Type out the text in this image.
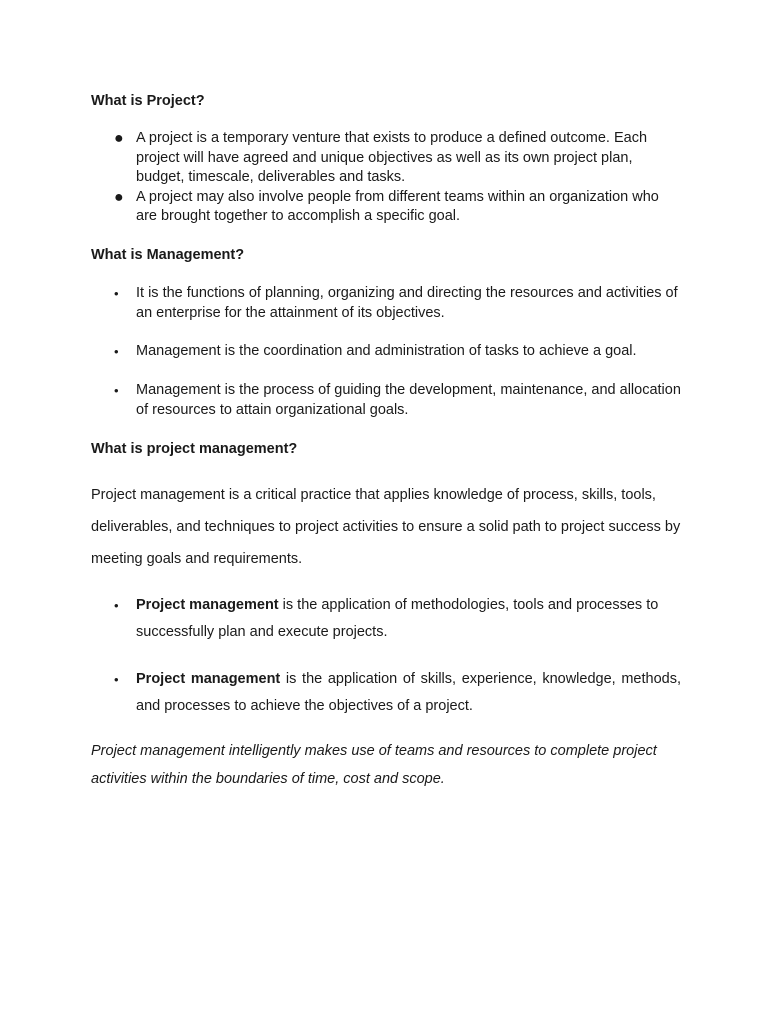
What is Project?
● A project is a temporary venture that exists to produce a defined outcome. Each project will have agreed and unique objectives as well as its own project plan, budget, timescale, deliverables and tasks.
● A project may also involve people from different teams within an organization who are brought together to accomplish a specific goal.
What is Management?
• It is the functions of planning, organizing and directing the resources and activities of an enterprise for the attainment of its objectives.
• Management is the coordination and administration of tasks to achieve a goal.
• Management is the process of guiding the development, maintenance, and allocation of resources to attain organizational goals.
What is project management?
Project management is a critical practice that applies knowledge of process, skills, tools, deliverables, and techniques to project activities to ensure a solid path to project success by meeting goals and requirements.
• Project management is the application of methodologies, tools and processes to successfully plan and execute projects.
• Project management is the application of skills, experience, knowledge, methods, and processes to achieve the objectives of a project.
Project management intelligently makes use of teams and resources to complete project activities within the boundaries of time, cost and scope.
